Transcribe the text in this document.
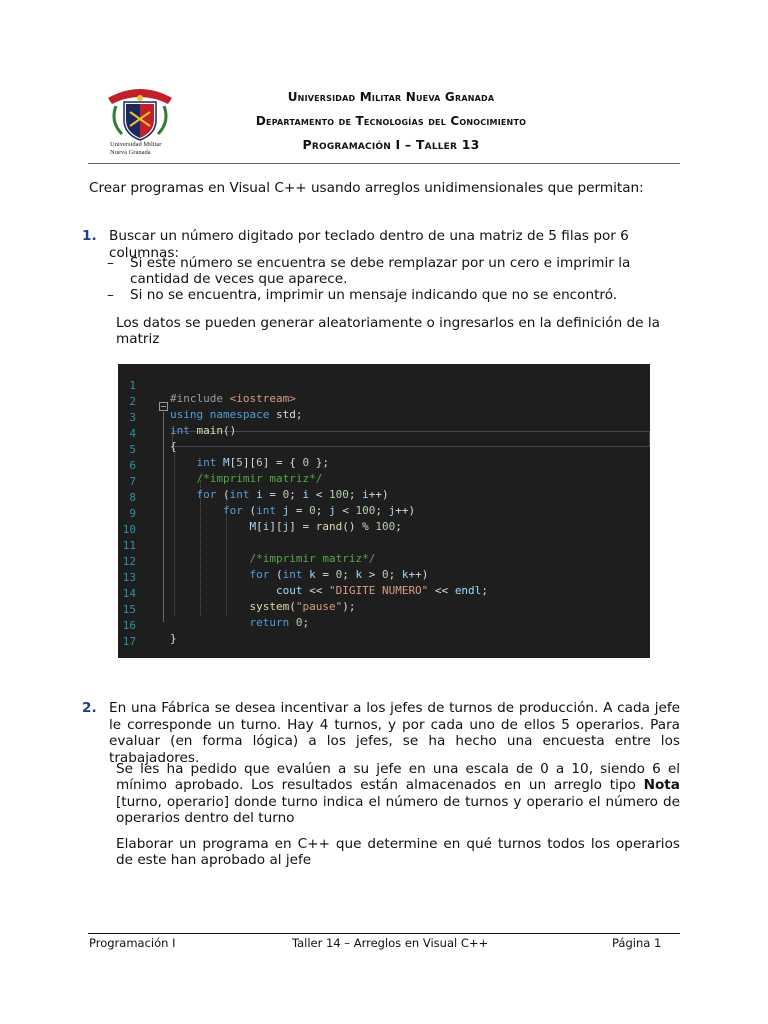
Universidad Militar
Nueva Granada
Universidad Militar Nueva Granada
Departamento de Tecnologías del Conocimiento
Programación I – Taller 13
Crear programas en Visual C++ usando arreglos unidimensionales que permitan:
1. Buscar un número digitado por teclado dentro de una matriz de 5 filas por 6 columnas:
– Si este número se encuentra se debe remplazar por un cero e imprimir la cantidad de veces que aparece.
– Si no se encuentra, imprimir un mensaje indicando que no se encontró.
Los datos se pueden generar aleatoriamente o ingresarlos en la definición de la matriz

1

#include <iostream>

2

using namespace std;

3

int main()

4

{

5

int M[5][6] = { 0 };

6

/*imprimir matriz*/

7

for (int i = 0; i < 100; i++)

8

for (int j = 0; j < 100; j++)

9

M[i][j] = rand() % 100;

10

11

/*imprimir matriz*/

12

for (int k = 0; k > 0; k++)

13

cout << "DIGITE NUMERO" << endl;

14

system("pause");

15

return 0;

16

}

17

2. En una Fábrica se desea incentivar a los jefes de turnos de producción. A cada jefe le corresponde un turno. Hay 4 turnos, y por cada uno de ellos 5 operarios. Para evaluar (en forma lógica) a los jefes, se ha hecho una encuesta entre los trabajadores.
Se les ha pedido que evalúen a su jefe en una escala de 0 a 10, siendo 6 el mínimo aprobado. Los resultados están almacenados en un arreglo tipo Nota [turno, operario] donde turno indica el número de turnos y operario el número de operarios dentro del turno
Elaborar un programa en C++ que determine en qué turnos todos los operarios de este han aprobado al jefe
Programación I	Taller 14 – Arreglos en Visual C++	Página 1
